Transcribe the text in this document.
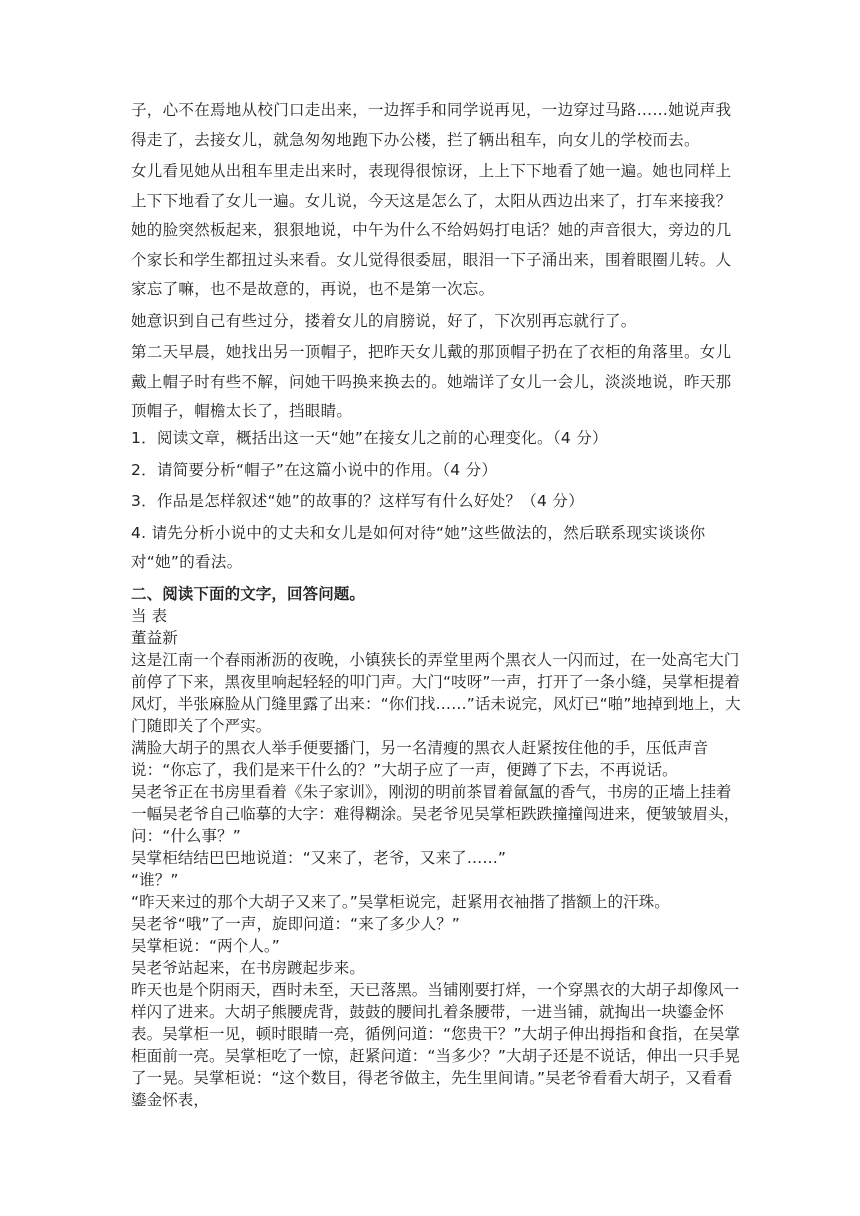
子，心不在焉地从校门口走出来，一边挥手和同学说再见，一边穿过马路……她说声我得走了，去接女儿，就急匆匆地跑下办公楼，拦了辆出租车，向女儿的学校而去。

女儿看见她从出租车里走出来时，表现得很惊讶，上上下下地看了她一遍。她也同样上上下下地看了女儿一遍。女儿说，今天这是怎么了，太阳从西边出来了，打车来接我？她的脸突然板起来，狠狠地说，中午为什么不给妈妈打电话？她的声音很大，旁边的几个家长和学生都扭过头来看。女儿觉得很委屈，眼泪一下子涌出来，围着眼圈儿转。人家忘了嘛，也不是故意的，再说，也不是第一次忘。

她意识到自己有些过分，搂着女儿的肩膀说，好了，下次别再忘就行了。

第二天早晨，她找出另一顶帽子，把昨天女儿戴的那顶帽子扔在了衣柜的角落里。女儿戴上帽子时有些不解，问她干吗换来换去的。她端详了女儿一会儿，淡淡地说，昨天那顶帽子，帽檐太长了，挡眼睛。

1．阅读文章，概括出这一天“她”在接女儿之前的心理变化。（4 分）

2．请简要分析“帽子”在这篇小说中的作用。（4 分）

3．作品是怎样叙述“她”的故事的？这样写有什么好处？（4 分）

4. 请先分析小说中的丈夫和女儿是如何对待“她”这些做法的，然后联系现实谈谈你对“她”的看法。

二、阅读下面的文字，回答问题。

当 表

董益新

这是江南一个春雨淅沥的夜晚，小镇狭长的弄堂里两个黑衣人一闪而过，在一处高宅大门前停了下来，黑夜里响起轻轻的叩门声。大门“吱呀”一声，打开了一条小缝，吴掌柜提着风灯，半张麻脸从门缝里露了出来：“你们找……”话未说完，风灯已“啪”地掉到地上，大门随即关了个严实。

满脸大胡子的黑衣人举手便要播门，另一名清瘦的黑衣人赶紧按住他的手，压低声音说：“你忘了，我们是来干什么的？”大胡子应了一声，便蹲了下去，不再说话。

吴老爷正在书房里看着《朱子家训》，刚沏的明前茶冒着氤氲的香气，书房的正墙上挂着一幅吴老爷自己临摹的大字：难得糊涂。吴老爷见吴掌柜跌跌撞撞闯进来，便皱皱眉头，问：“什么事？”

吴掌柜结结巴巴地说道：“又来了，老爷，又来了……”

“谁？”

“昨天来过的那个大胡子又来了。”吴掌柜说完，赶紧用衣袖揩了揩额上的汗珠。

吴老爷“哦”了一声，旋即问道：“来了多少人？”

吴掌柜说：“两个人。”

吴老爷站起来，在书房踱起步来。

昨天也是个阴雨天，酉时未至，天已落黑。当铺刚要打烊，一个穿黑衣的大胡子却像风一样闪了进来。大胡子熊腰虎背，鼓鼓的腰间扎着条腰带，一进当铺，就掏出一块鎏金怀表。吴掌柜一见，顿时眼睛一亮，循例问道：“您贵干？”大胡子伸出拇指和食指，在吴掌柜面前一亮。吴掌柜吃了一惊，赶紧问道：“当多少？”大胡子还是不说话，伸出一只手晃了一晃。吴掌柜说：“这个数目，得老爷做主，先生里间请。”吴老爷看看大胡子，又看看鎏金怀表，
